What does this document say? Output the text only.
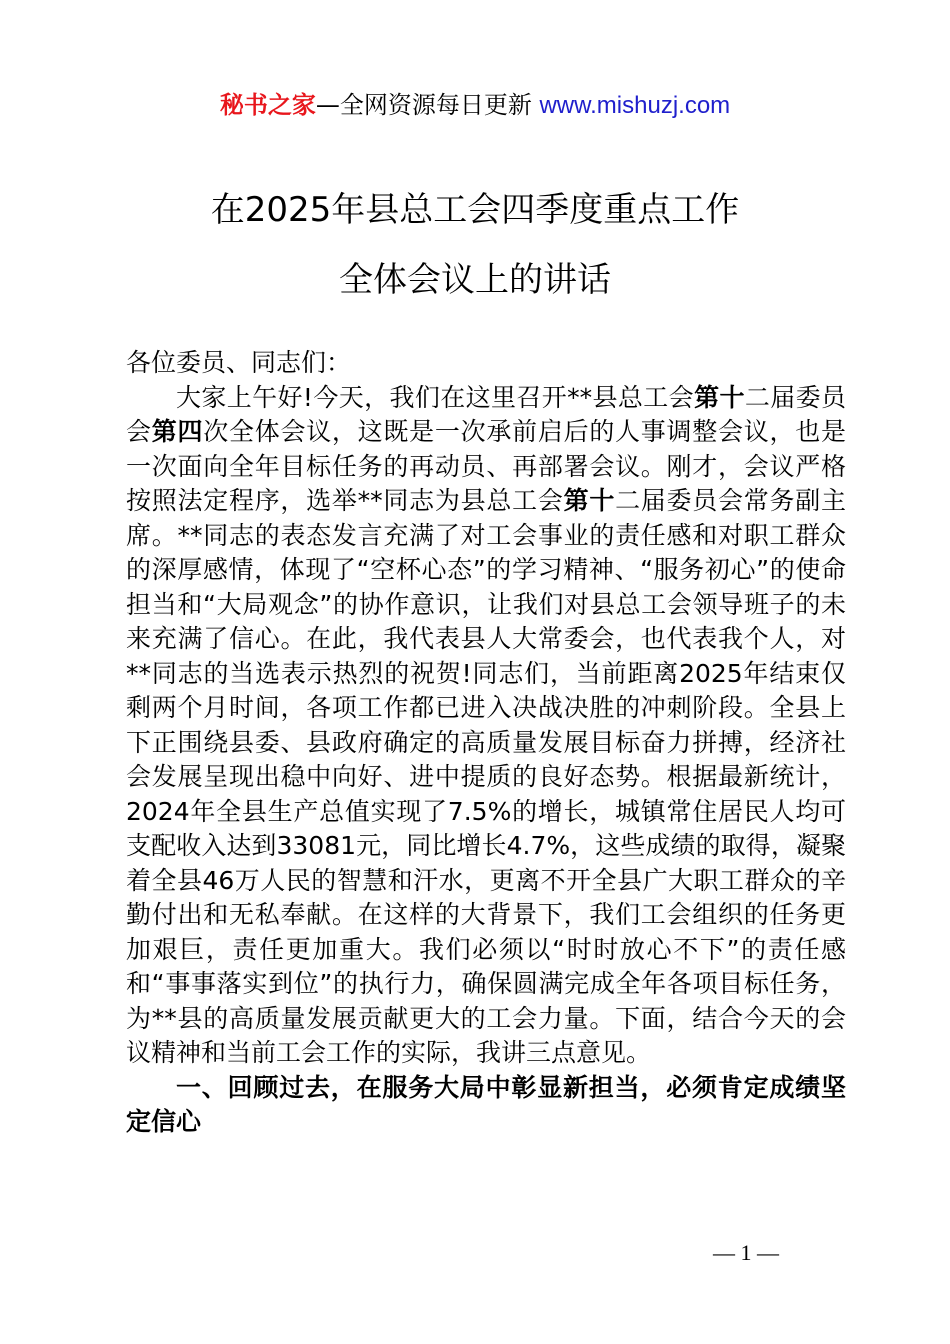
秘书之家—全网资源每日更新 www.mishuzj.com
在2025年县总工会四季度重点工作
全体会议上的讲话

各位委员、同志们：

大家上午好!今天，我们在这里召开**县总工会第十二届委员会第四次全体会议，这既是一次承前启后的人事调整会议，也是一次面向全年目标任务的再动员、再部署会议。刚才，会议严格按照法定程序，选举**同志为县总工会第十二届委员会常务副主席。**同志的表态发言充满了对工会事业的责任感和对职工群众的深厚感情，体现了“空杯心态”的学习精神、“服务初心”的使命担当和“大局观念”的协作意识，让我们对县总工会领导班子的未来充满了信心。在此，我代表县人大常委会，也代表我个人，对**同志的当选表示热烈的祝贺!同志们，当前距离2025年结束仅剩两个月时间，各项工作都已进入决战决胜的冲刺阶段。全县上下正围绕县委、县政府确定的高质量发展目标奋力拼搏，经济社会发展呈现出稳中向好、进中提质的良好态势。根据最新统计，2024年全县生产总值实现了7.5%的增长，城镇常住居民人均可支配收入达到33081元，同比增长4.7%，这些成绩的取得，凝聚着全县46万人民的智慧和汗水，更离不开全县广大职工群众的辛勤付出和无私奉献。在这样的大背景下，我们工会组织的任务更加艰巨，责任更加重大。我们必须以“时时放心不下”的责任感和“事事落实到位”的执行力，确保圆满完成全年各项目标任务，为**县的高质量发展贡献更大的工会力量。下面，结合今天的会议精神和当前工会工作的实际，我讲三点意见。

一、回顾过去，在服务大局中彰显新担当，必须肯定成绩坚定信心

— 1 —
